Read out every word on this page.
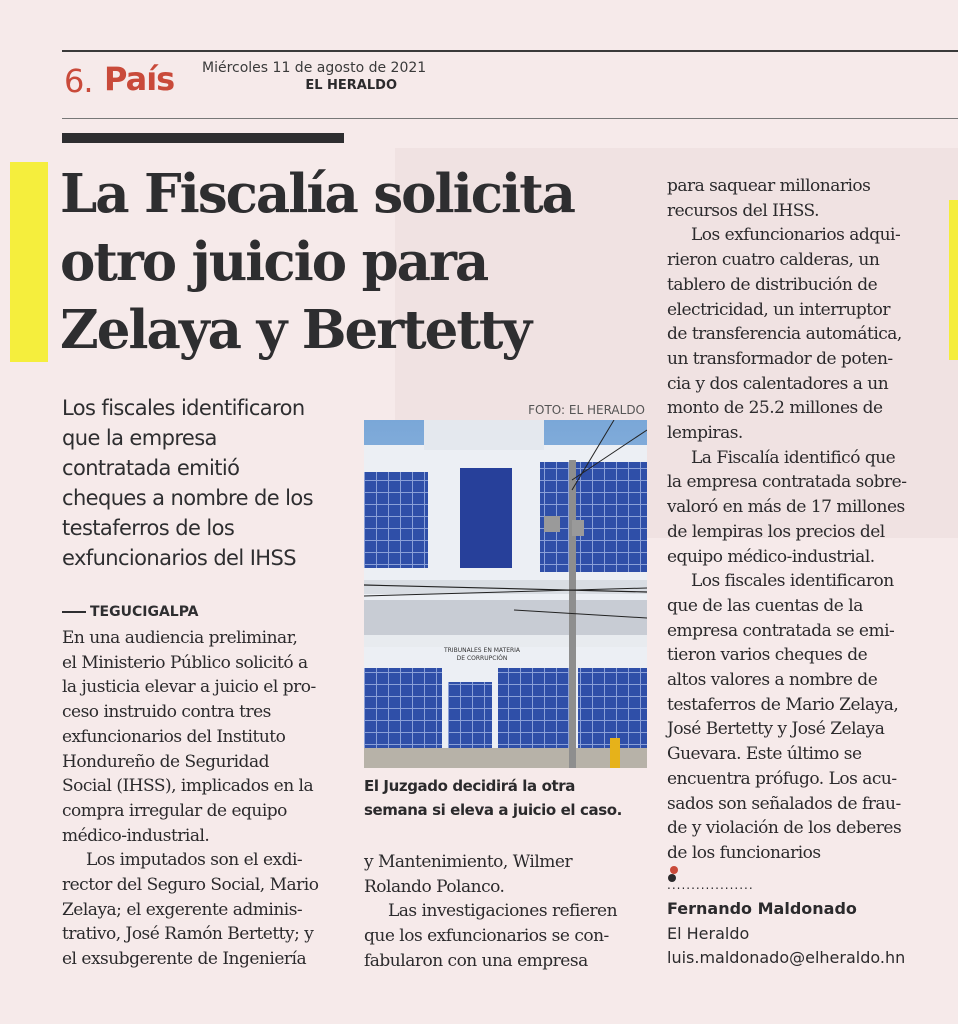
6. País Miércoles 11 de agosto de 2021
EL HERALDO
La Fiscalía solicita
otro juicio para
Zelaya y Bertetty
Los fiscales identificaron
que la empresa
contratada emitió
cheques a nombre de los
testaferros de los
exfuncionarios del IHSS
TEGUCIGALPA
En una audiencia preliminar,
el Ministerio Público solicitó a
la justicia elevar a juicio el pro-
ceso instruido contra tres
exfuncionarios del Instituto
Hondureño de Seguridad
Social (IHSS), implicados en la
compra irregular de equipo
médico-industrial.
Los imputados son el exdi-
rector del Seguro Social, Mario
Zelaya; el exgerente adminis-
trativo, José Ramón Bertetty; y
el exsubgerente de Ingeniería
FOTO: EL HERALDO
TRIBUNALES EN MATERIA
DE CORRUPCIÓN
El Juzgado decidirá la otra
semana si eleva a juicio el caso.
y Mantenimiento, Wilmer
Rolando Polanco.
Las investigaciones refieren
que los exfuncionarios se con-
fabularon con una empresa
para saquear millonarios
recursos del IHSS.
Los exfuncionarios adqui-
rieron cuatro calderas, un
tablero de distribución de
electricidad, un interruptor
de transferencia automática,
un transformador de poten-
cia y dos calentadores a un
monto de 25.2 millones de
lempiras.
La Fiscalía identificó que
la empresa contratada sobre-
valoró en más de 17 millones
de lempiras los precios del
equipo médico-industrial.
Los fiscales identificaron
que de las cuentas de la
empresa contratada se emi-
tieron varios cheques de
altos valores a nombre de
testaferros de Mario Zelaya,
José Bertetty y José Zelaya
Guevara. Este último se
encuentra prófugo. Los acu-
sados son señalados de frau-
de y violación de los deberes
de los funcionarios
..................
Fernando Maldonado
El Heraldo
luis.maldonado@elheraldo.hn
